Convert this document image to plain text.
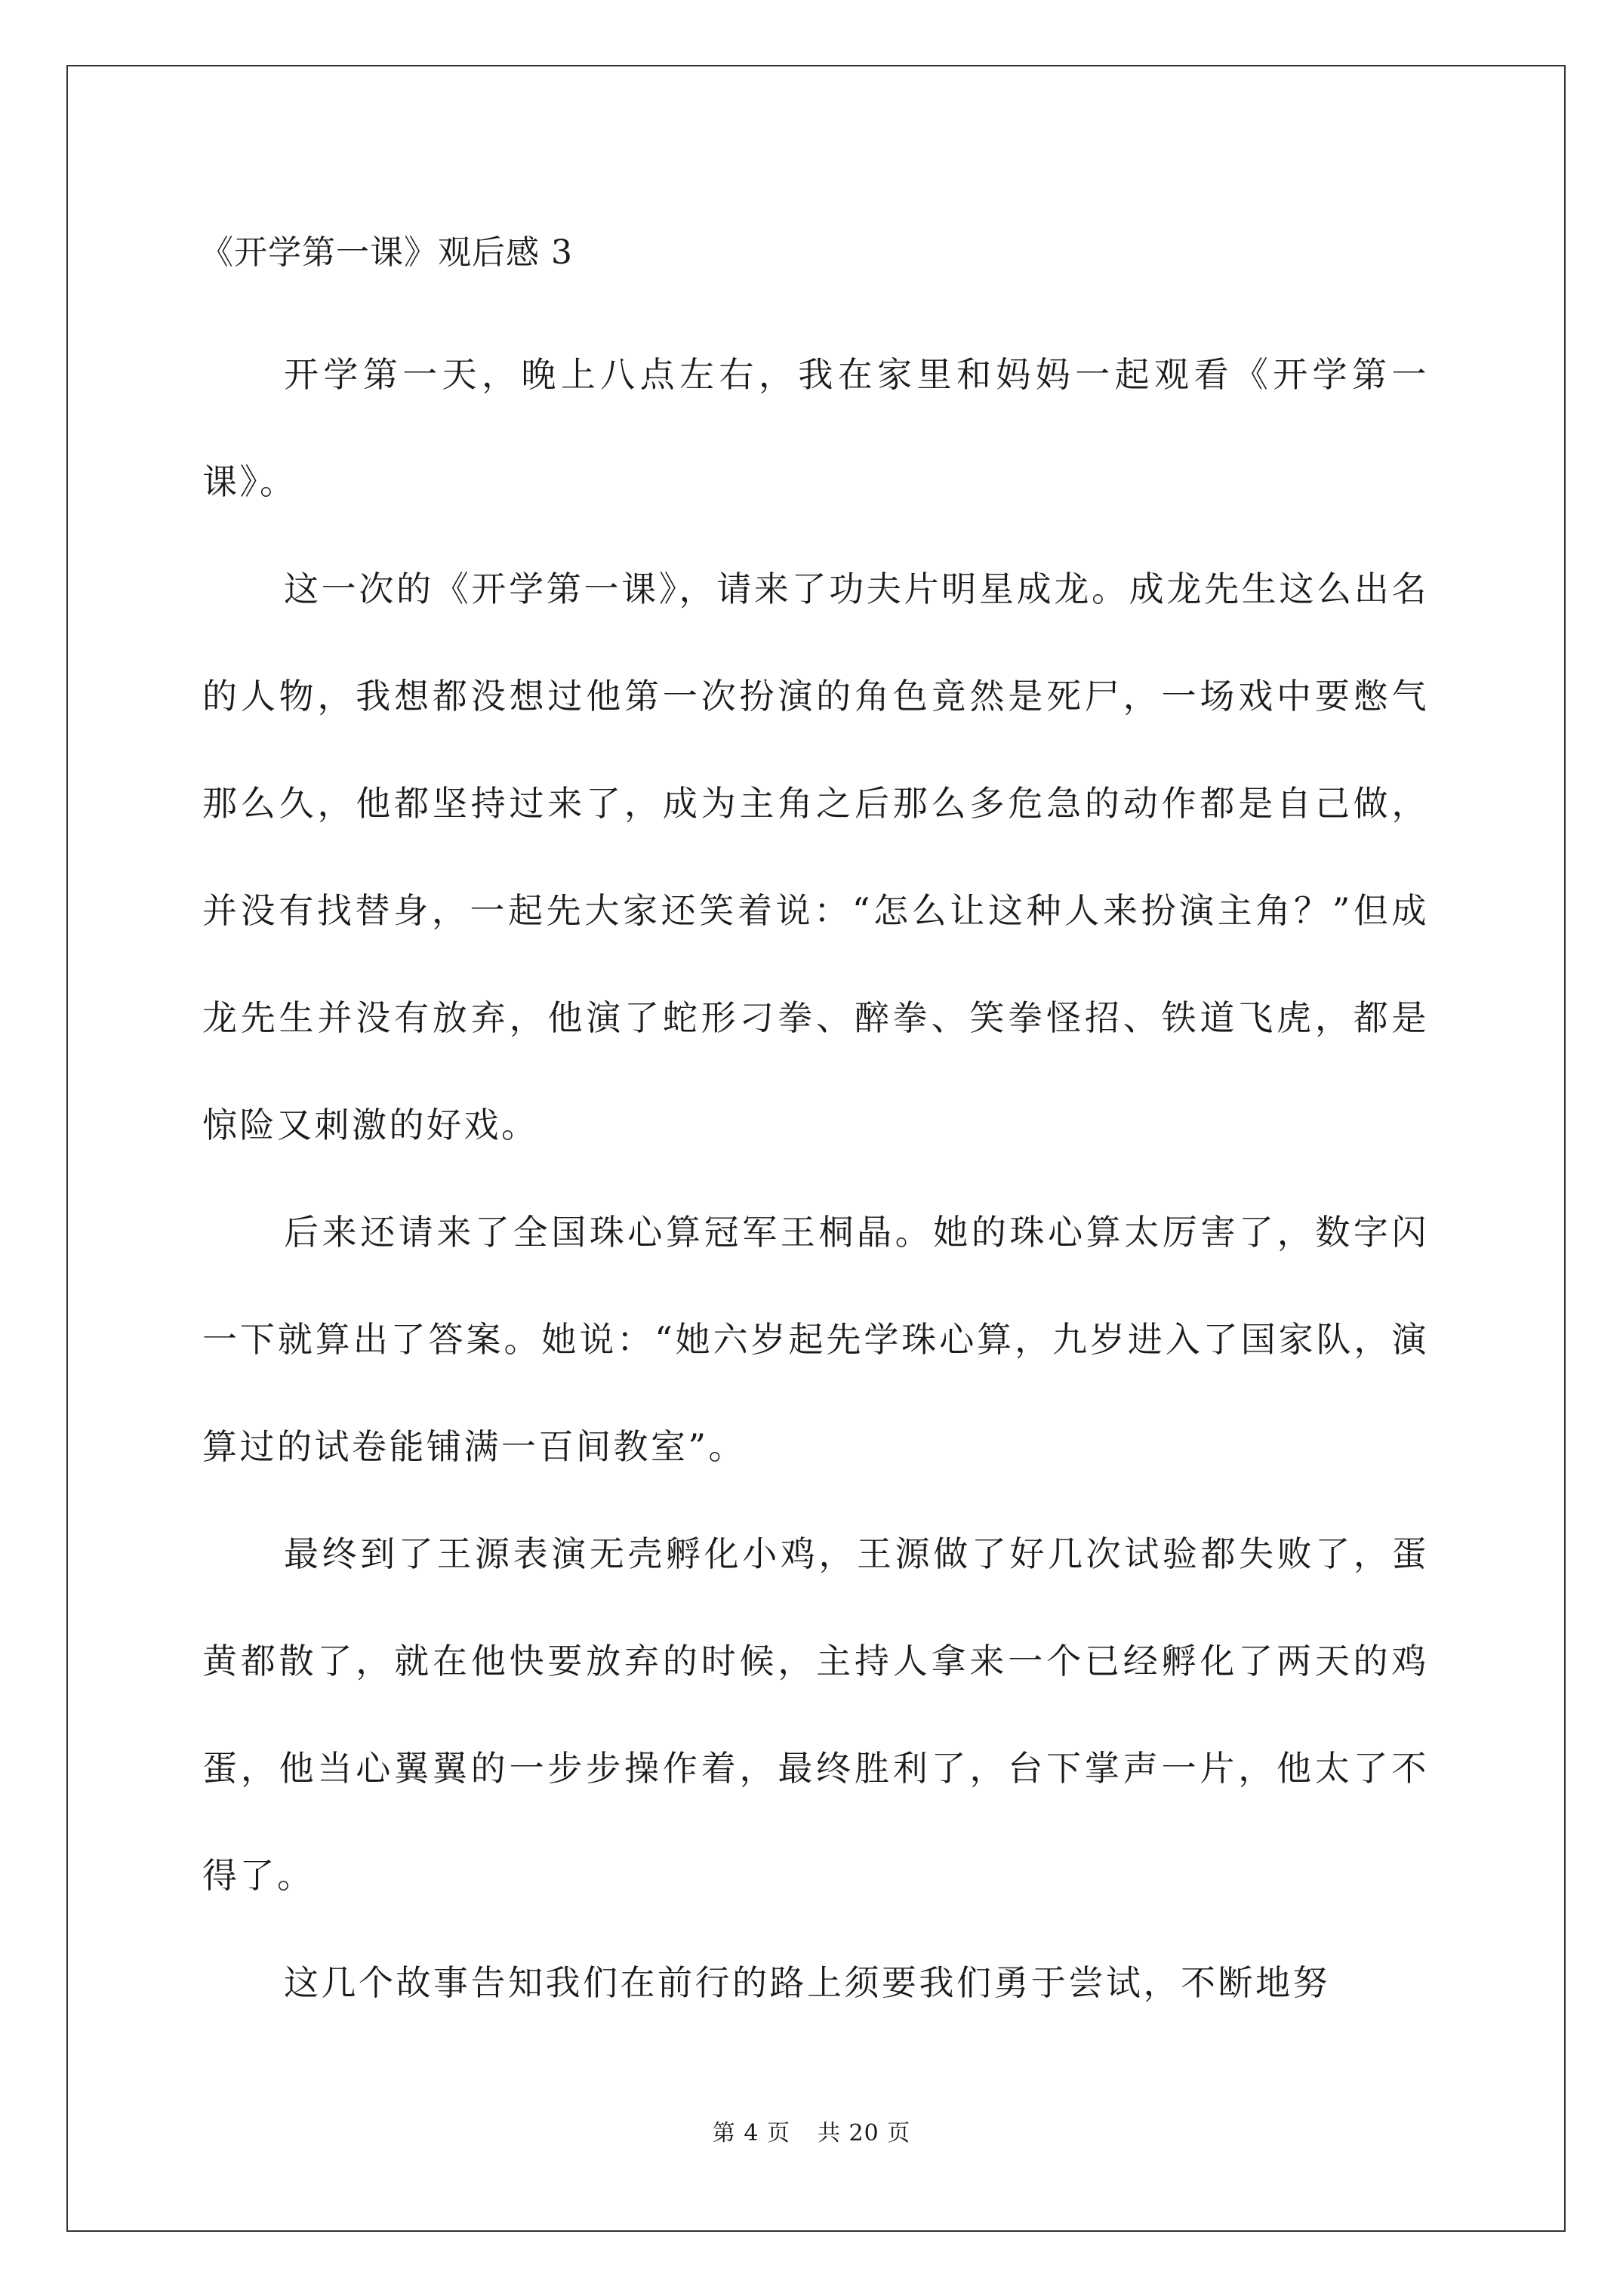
《开学第一课》观后感 3

开学第一天，晚上八点左右，我在家里和妈妈一起观看《开学第一课》。

这一次的《开学第一课》，请来了功夫片明星成龙。成龙先生这么出名的人物，我想都没想过他第一次扮演的角色竟然是死尸，一场戏中要憋气那么久，他都坚持过来了，成为主角之后那么多危急的动作都是自己做，并没有找替身，一起先大家还笑着说：“怎么让这种人来扮演主角？”但成龙先生并没有放弃，他演了蛇形刁拳、醉拳、笑拳怪招、铁道飞虎，都是惊险又刺激的好戏。

后来还请来了全国珠心算冠军王桐晶。她的珠心算太厉害了，数字闪一下就算出了答案。她说：“她六岁起先学珠心算，九岁进入了国家队，演算过的试卷能铺满一百间教室”。

最终到了王源表演无壳孵化小鸡，王源做了好几次试验都失败了，蛋黄都散了，就在他快要放弃的时候，主持人拿来一个已经孵化了两天的鸡蛋，他当心翼翼的一步步操作着，最终胜利了，台下掌声一片，他太了不得了。

这几个故事告知我们在前行的路上须要我们勇于尝试，不断地努

第 4 页 共 20 页
